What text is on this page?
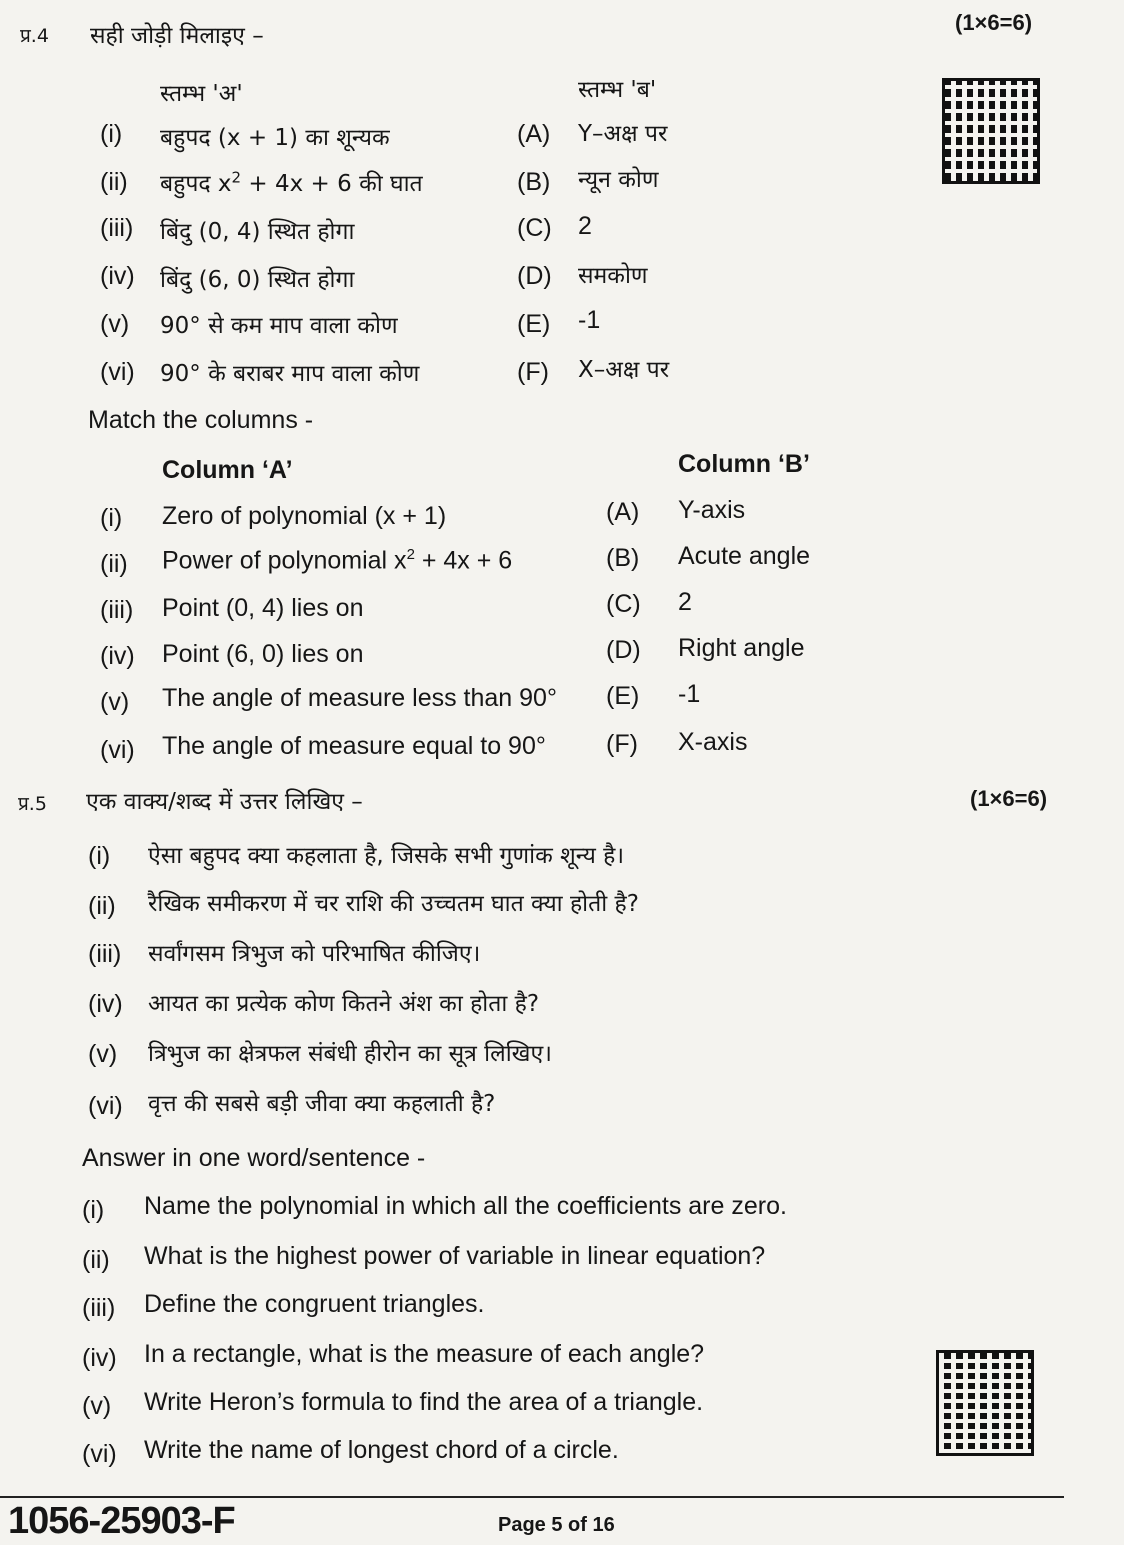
प्र.4 सही जोड़ी मिलाइए –
(1×6=6)
स्तम्भ 'अ'	स्तम्भ 'ब'
(i) बहुपद (x + 1) का शून्यक	(A) Y–अक्ष पर
(ii) बहुपद $x^2 + 4x + 6$ की घात	(B) न्यून कोण
(iii) बिंदु (0, 4) स्थित होगा	(C) 2
(iv) बिंदु (6, 0) स्थित होगा	(D) समकोण
(v) 90° से कम माप वाला कोण	(E) -1
(vi) 90° के बराबर माप वाला कोण	(F) X–अक्ष पर
Match the columns -
Column ‘A’	Column ‘B’
(i) Zero of polynomial (x + 1)	(A) Y-axis
(ii) Power of polynomial $x^2 + 4x + 6$	(B) Acute angle
(iii) Point (0, 4) lies on	(C) 2
(iv) Point (6, 0) lies on	(D) Right angle
(v) The angle of measure less than 90° (E) -1
(vi) The angle of measure equal to 90° (F) X-axis
प्र.5 एक वाक्य/शब्द में उत्तर लिखिए –	(1×6=6)
(i) ऐसा बहुपद क्या कहलाता है, जिसके सभी गुणांक शून्य है।
(ii) रैखिक समीकरण में चर राशि की उच्चतम घात क्या होती है?
(iii) सर्वांगसम त्रिभुज को परिभाषित कीजिए।
(iv) आयत का प्रत्येक कोण कितने अंश का होता है?
(v) त्रिभुज का क्षेत्रफल संबंधी हीरोन का सूत्र लिखिए।
(vi) वृत्त की सबसे बड़ी जीवा क्या कहलाती है?
Answer in one word/sentence -
(i) Name the polynomial in which all the coefficients are zero.
(ii) What is the highest power of variable in linear equation?
(iii) Define the congruent triangles.
(iv) In a rectangle, what is the measure of each angle?
(v) Write Heron’s formula to find the area of a triangle.
(vi) Write the name of longest chord of a circle.
1056-25903-F	Page 5 of 16
